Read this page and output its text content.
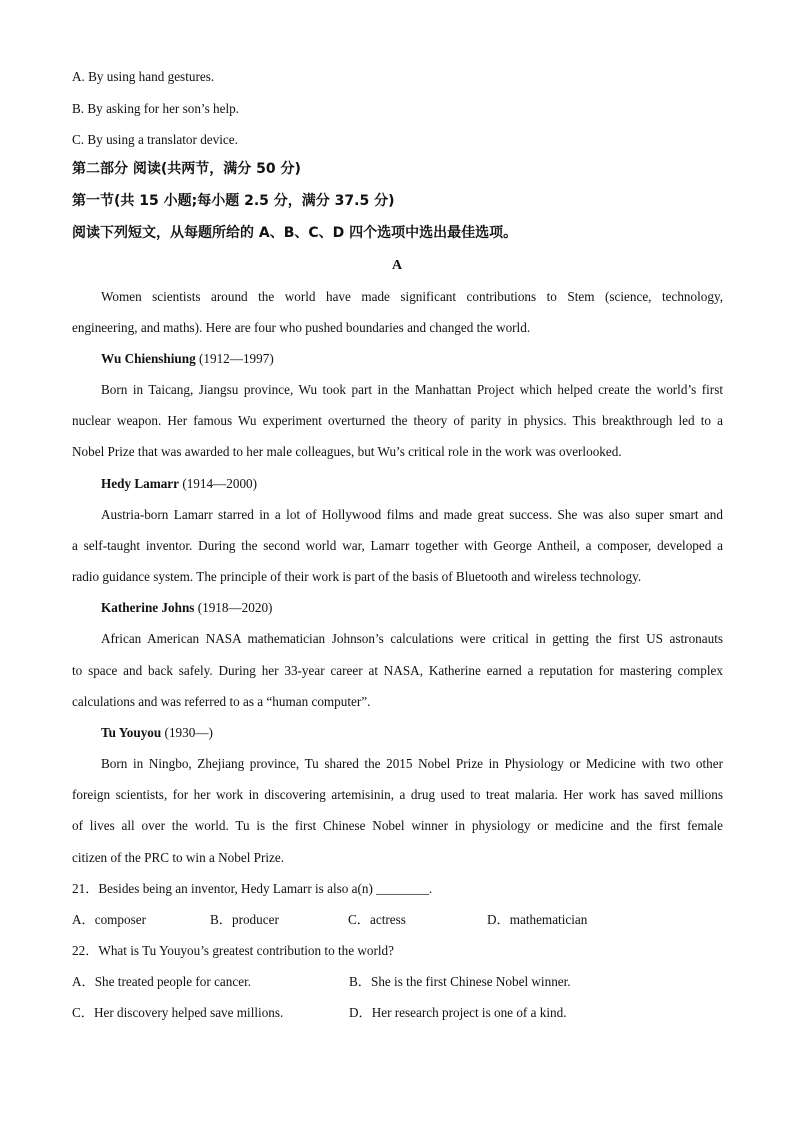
A. By using hand gestures.
B. By asking for her son’s help.
C. By using a translator device.
第二部分 阅读(共两节，满分 50 分)
第一节(共 15 小题;每小题 2.5 分，满分 37.5 分)
阅读下列短文，从每题所给的 A、B、C、D 四个选项中选出最佳选项。
A
Women scientists around the world have made significant contributions to Stem (science, technology,
engineering, and maths). Here are four who pushed boundaries and changed the world.
Wu Chienshiung (1912—1997)
Born in Taicang, Jiangsu province, Wu took part in the Manhattan Project which helped create the world’s first
nuclear weapon. Her famous Wu experiment overturned the theory of parity in physics. This breakthrough led to a
Nobel Prize that was awarded to her male colleagues, but Wu’s critical role in the work was overlooked.
Hedy Lamarr (1914—2000)
Austria-born Lamarr starred in a lot of Hollywood films and made great success. She was also super smart and
a self-taught inventor. During the second world war, Lamarr together with George Antheil, a composer, developed a
radio guidance system. The principle of their work is part of the basis of Bluetooth and wireless technology.
Katherine Johns (1918—2020)
African American NASA mathematician Johnson’s calculations were critical in getting the first US astronauts
to space and back safely. During her 33-year career at NASA, Katherine earned a reputation for mastering complex
calculations and was referred to as a “human computer”.
Tu Youyou (1930—)
Born in Ningbo, Zhejiang province, Tu shared the 2015 Nobel Prize in Physiology or Medicine with two other
foreign scientists, for her work in discovering artemisinin, a drug used to treat malaria. Her work has saved millions
of lives all over the world. Tu is the first Chinese Nobel winner in physiology or medicine and the first female
citizen of the PRC to win a Nobel Prize.
21．Besides being an inventor, Hedy Lamarr is also a(n) ________.
A．composer	B．producer	C．actress	D．mathematician
22．What is Tu Youyou’s greatest contribution to the world?
A．She treated people for cancer.	B．She is the first Chinese Nobel winner.
C．Her discovery helped save millions.	D．Her research project is one of a kind.
